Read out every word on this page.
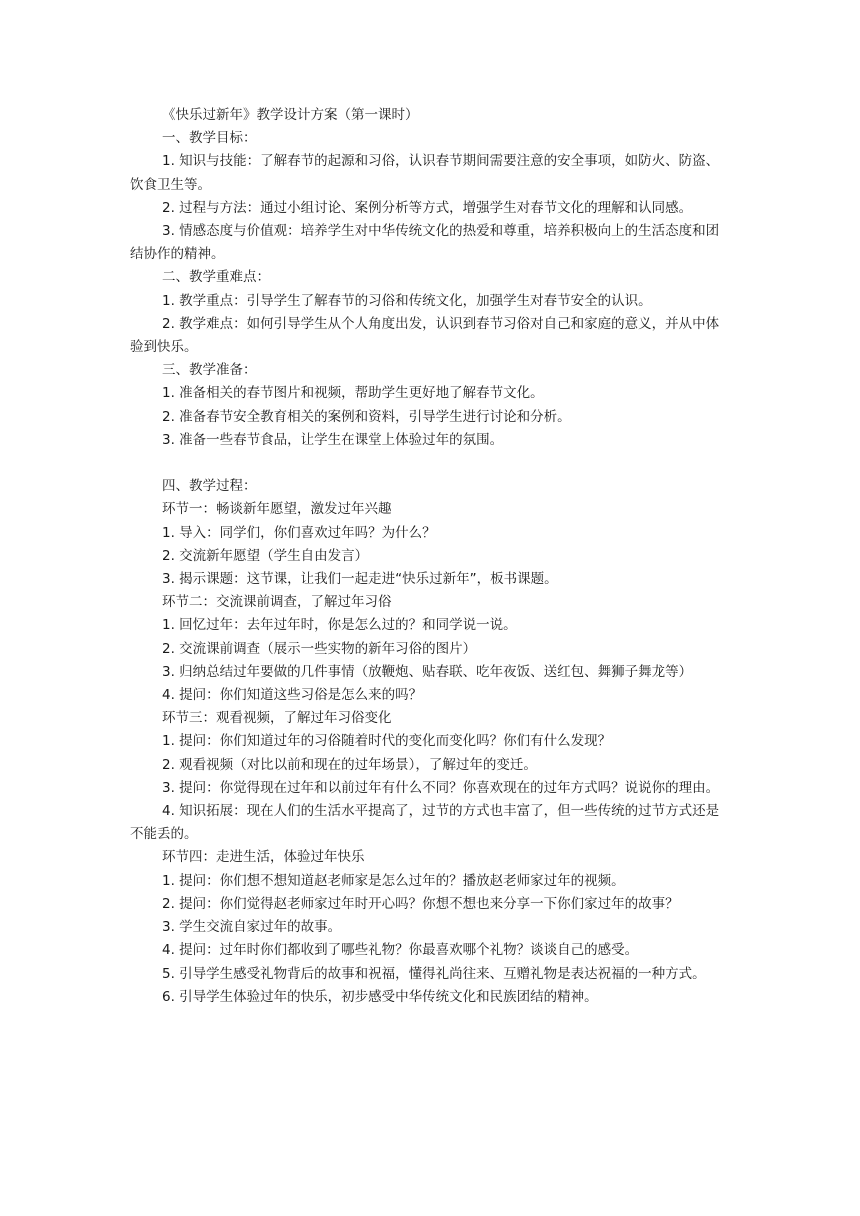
《快乐过新年》教学设计方案（第一课时）

一、教学目标：

1. 知识与技能：了解春节的起源和习俗，认识春节期间需要注意的安全事项，如防火、防盗、饮食卫生等。

2. 过程与方法：通过小组讨论、案例分析等方式，增强学生对春节文化的理解和认同感。

3. 情感态度与价值观：培养学生对中华传统文化的热爱和尊重，培养积极向上的生活态度和团结协作的精神。

二、教学重难点：

1. 教学重点：引导学生了解春节的习俗和传统文化，加强学生对春节安全的认识。

2. 教学难点：如何引导学生从个人角度出发，认识到春节习俗对自己和家庭的意义，并从中体验到快乐。

三、教学准备：

1. 准备相关的春节图片和视频，帮助学生更好地了解春节文化。

2. 准备春节安全教育相关的案例和资料，引导学生进行讨论和分析。

3. 准备一些春节食品，让学生在课堂上体验过年的氛围。

四、教学过程：

环节一：畅谈新年愿望，激发过年兴趣

1. 导入：同学们，你们喜欢过年吗？为什么？

2. 交流新年愿望（学生自由发言）

3. 揭示课题：这节课，让我们一起走进“快乐过新年”，板书课题。

环节二：交流课前调查，了解过年习俗

1. 回忆过年：去年过年时，你是怎么过的？和同学说一说。

2. 交流课前调查（展示一些实物的新年习俗的图片）

3. 归纳总结过年要做的几件事情（放鞭炮、贴春联、吃年夜饭、送红包、舞狮子舞龙等）

4. 提问：你们知道这些习俗是怎么来的吗？

环节三：观看视频，了解过年习俗变化

1. 提问：你们知道过年的习俗随着时代的变化而变化吗？你们有什么发现？

2. 观看视频（对比以前和现在的过年场景），了解过年的变迁。

3. 提问：你觉得现在过年和以前过年有什么不同？你喜欢现在的过年方式吗？说说你的理由。

4. 知识拓展：现在人们的生活水平提高了，过节的方式也丰富了，但一些传统的过节方式还是不能丢的。

环节四：走进生活，体验过年快乐

1. 提问：你们想不想知道赵老师家是怎么过年的？播放赵老师家过年的视频。

2. 提问：你们觉得赵老师家过年时开心吗？你想不想也来分享一下你们家过年的故事？

3. 学生交流自家过年的故事。

4. 提问：过年时你们都收到了哪些礼物？你最喜欢哪个礼物？谈谈自己的感受。

5. 引导学生感受礼物背后的故事和祝福，懂得礼尚往来、互赠礼物是表达祝福的一种方式。

6. 引导学生体验过年的快乐，初步感受中华传统文化和民族团结的精神。
